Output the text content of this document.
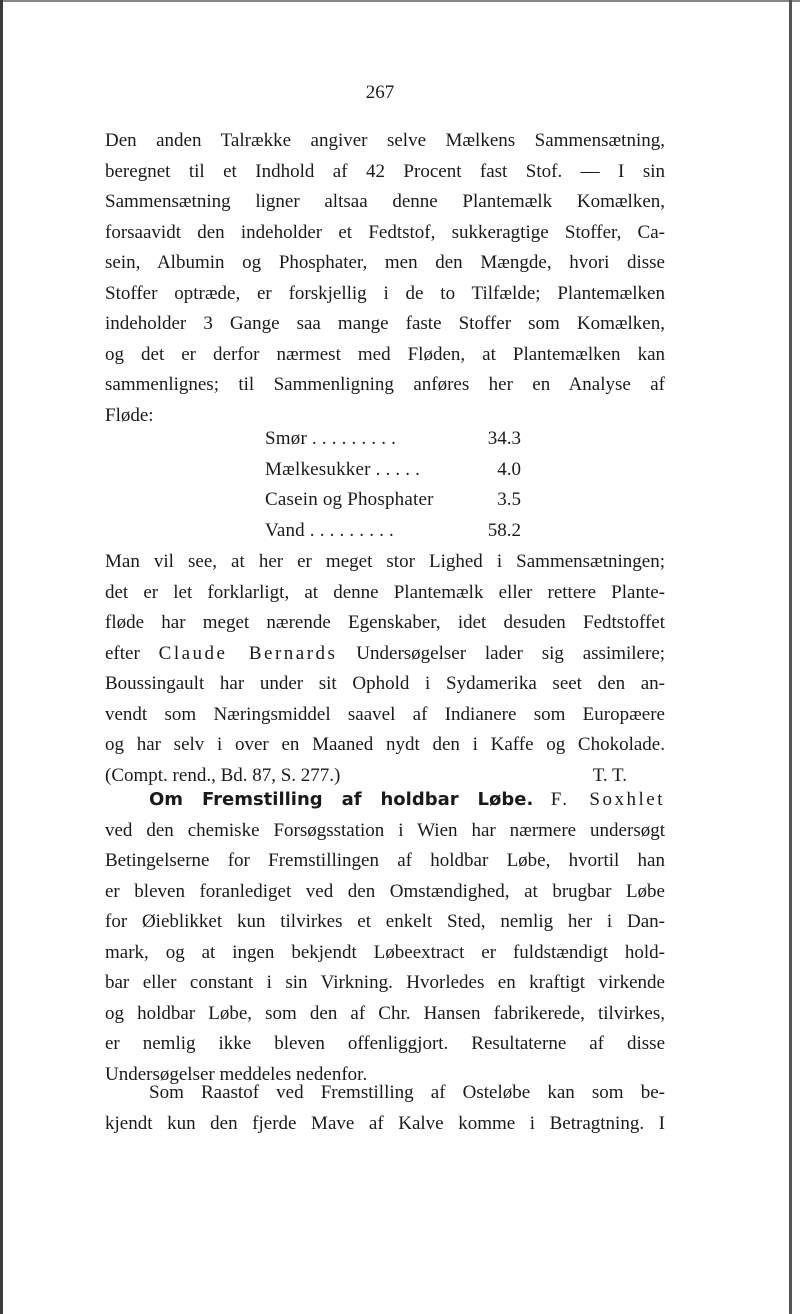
267
Den anden Talrække angiver selve Mælkens Sammensætning,
beregnet til et Indhold af 42 Procent fast Stof. — I sin
Sammensætning ligner altsaa denne Plantemælk Komælken,
forsaavidt den indeholder et Fedtstof, sukkeragtige Stoffer, Ca-
sein, Albumin og Phosphater, men den Mængde, hvori disse
Stoffer optræde, er forskjellig i de to Tilfælde; Plantemælken
indeholder 3 Gange saa mange faste Stoffer som Komælken,
og det er derfor nærmest med Fløden, at Plantemælken kan
sammenlignes; til Sammenligning anføres her en Analyse af
Fløde:
Smør . . . . . . . . .	34.3
Mælkesukker . . . . .	4.0
Casein og Phosphater	3.5
Vand . . . . . . . . .	58.2
Man vil see, at her er meget stor Lighed i Sammensætningen;
det er let forklarligt, at denne Plantemælk eller rettere Plante-
fløde har meget nærende Egenskaber, idet desuden Fedtstoffet
efter Claude Bernards Undersøgelser lader sig assimilere;
Boussingault har under sit Ophold i Sydamerika seet den an-
vendt som Næringsmiddel saavel af Indianere som Europæere
og har selv i over en Maaned nydt den i Kaffe og Chokolade.
(Compt. rend., Bd. 87, S. 277.)	T. T.
Om Fremstilling af holdbar Løbe. F. Soxhlet
ved den chemiske Forsøgsstation i Wien har nærmere undersøgt
Betingelserne for Fremstillingen af holdbar Løbe, hvortil han
er bleven foranlediget ved den Omstændighed, at brugbar Løbe
for Øieblikket kun tilvirkes et enkelt Sted, nemlig her i Dan-
mark, og at ingen bekjendt Løbeextract er fuldstændigt hold-
bar eller constant i sin Virkning. Hvorledes en kraftigt virkende
og holdbar Løbe, som den af Chr. Hansen fabrikerede, tilvirkes,
er nemlig ikke bleven offenliggjort. Resultaterne af disse
Undersøgelser meddeles nedenfor.
Som Raastof ved Fremstilling af Osteløbe kan som be-
kjendt kun den fjerde Mave af Kalve komme i Betragtning. I
